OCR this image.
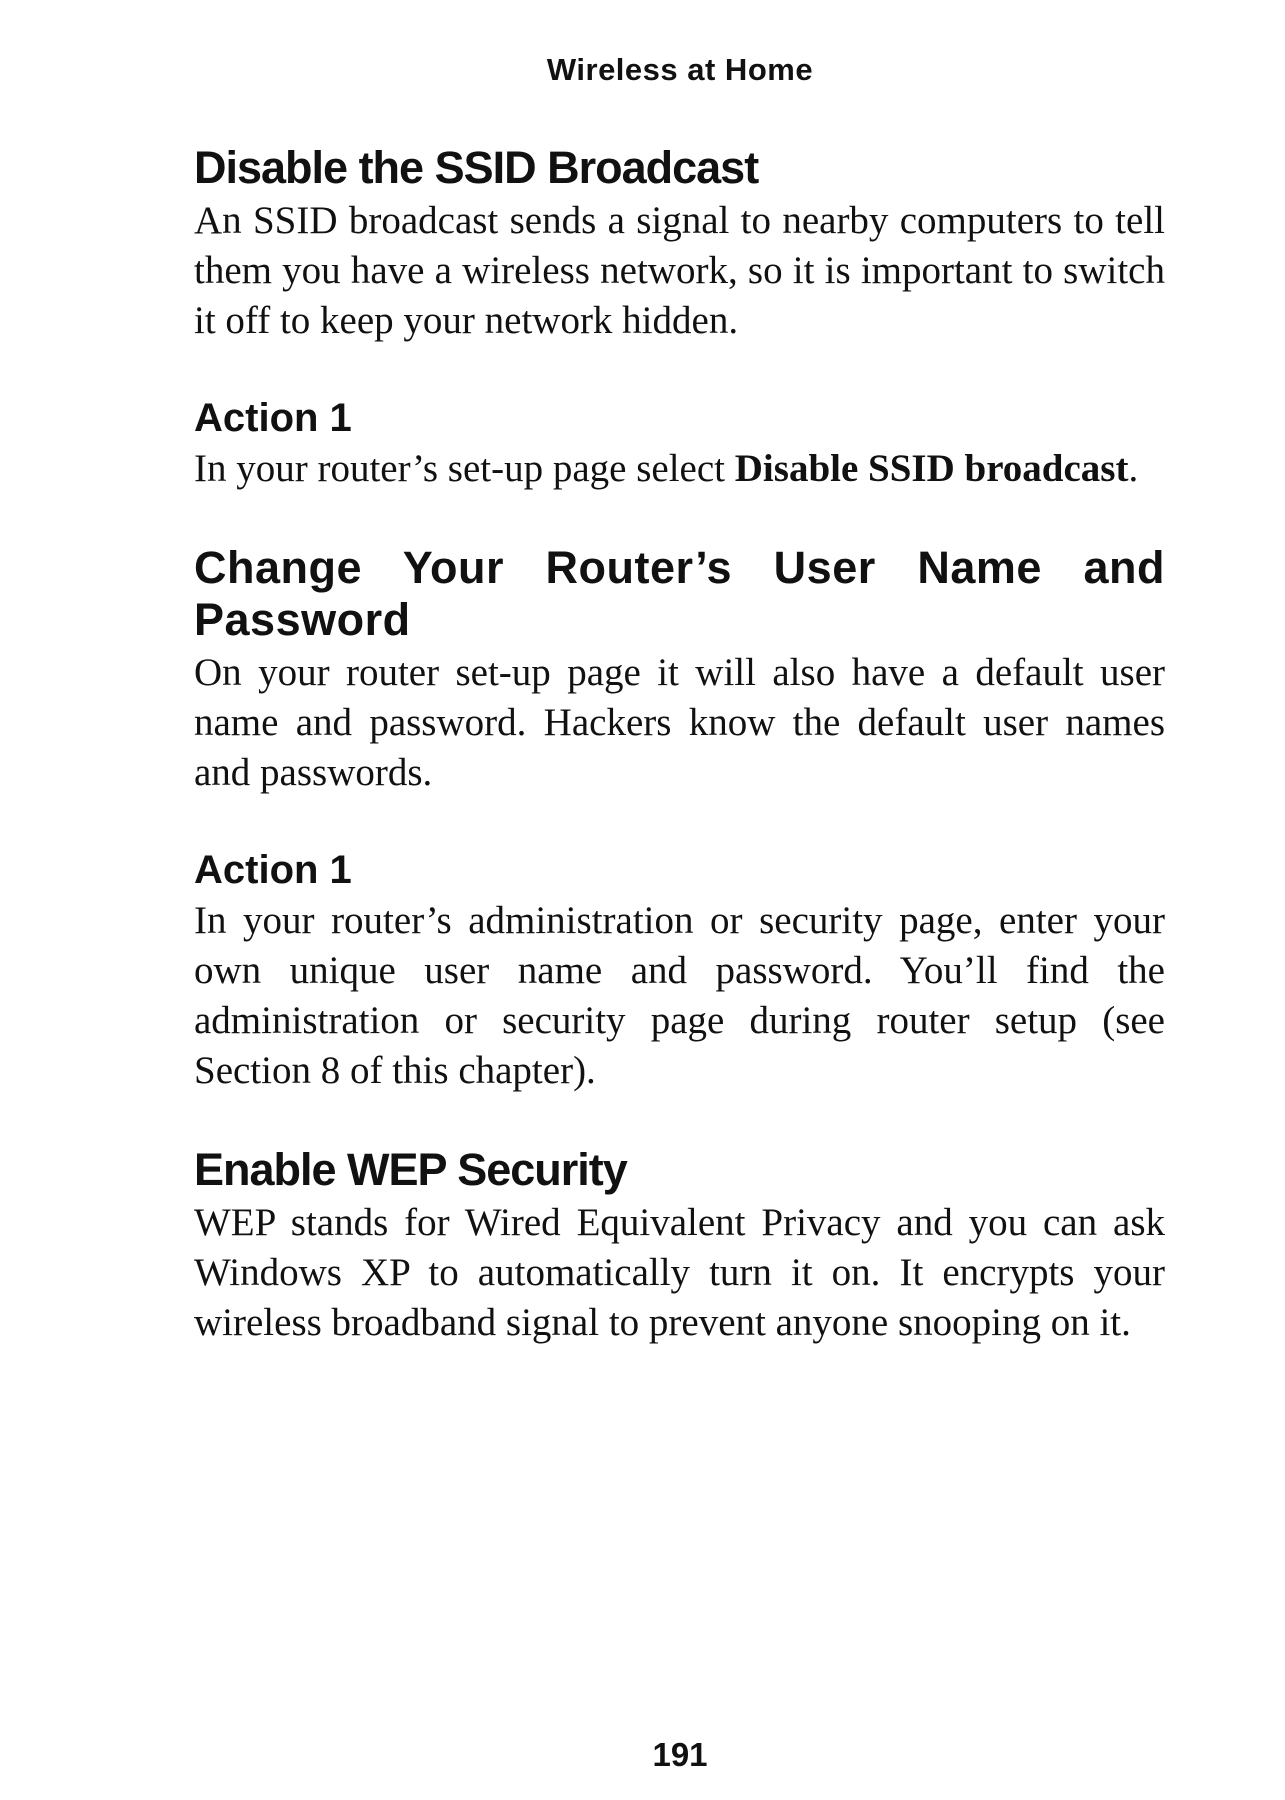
Wireless at Home
Disable the SSID Broadcast

An SSID broadcast sends a signal to nearby computers to tell them you have a wireless network, so it is important to switch it off to keep your network hidden.

Action 1

In your router’s set-up page select Disable SSID broadcast.

Change Your Router’s User Name and Password

On your router set-up page it will also have a default user name and password. Hackers know the default user names and passwords.

Action 1

In your router’s administration or security page, enter your own unique user name and password. You’ll find the administration or security page during router setup (see Section 8 of this chapter).

Enable WEP Security

WEP stands for Wired Equivalent Privacy and you can ask Windows XP to automatically turn it on. It encrypts your wireless broadband signal to prevent anyone snooping on it.

191
